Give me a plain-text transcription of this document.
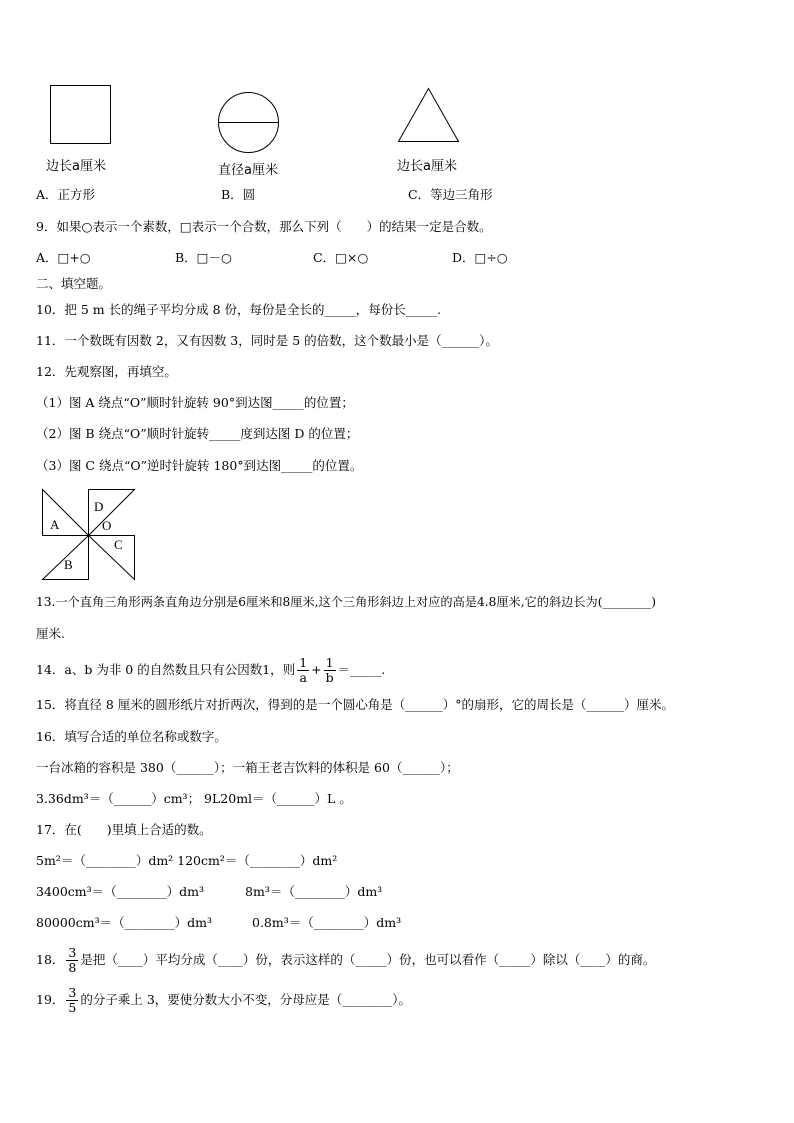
边长a厘米	直径a厘米	边长a厘米
A．正方形	B．圆	C．等边三角形
9．如果○表示一个素数，□表示一个合数，那么下列（　　）的结果一定是合数。
A．□+○	B．□－○	C．□×○	D．□÷○
二、填空题。
10．把 5 m 长的绳子平均分成 8 份，每份是全长的_____，每份长_____.
11．一个数既有因数 2，又有因数 3，同时是 5 的倍数，这个数最小是（______）。
12．先观察图，再填空。
（1）图 A 绕点“O”顺时针旋转 90°到达图_____的位置；
（2）图 B 绕点“O”顺时针旋转_____度到达图 D 的位置；
（3）图 C 绕点“O”逆时针旋转 180°到达图_____的位置。
A
D
O
C
B
13.一个直角三角形两条直角边分别是6厘米和8厘米,这个三角形斜边上对应的高是4.8厘米,它的斜边长为(________)
厘米.
14．a、b 为非 0 的自然数且只有公因数1，则 $\frac{1}{a} + \frac{1}{b}$ ＝_____.
15．将直径 8 厘米的圆形纸片对折两次，得到的是一个圆心角是（______）°的扇形，它的周长是（______）厘米。
16．填写合适的单位名称或数字。
一台冰箱的容积是 380（______）；一箱王老吉饮料的体积是 60（______）；
3.36dm³＝（______）cm³； 9L20ml＝（______）L 。
17．在(　　)里填上合适的数。
5m²＝（________）dm² 120cm²＝（________）dm²
3400cm³＝（________）dm³	8m³＝（________）dm³
80000cm³＝（________）dm³	0.8m³＝（________）dm³
18． $\frac{3}{8}$ 是把（____）平均分成（____）份，表示这样的（_____）份，也可以看作（_____）除以（____）的商。
19． $\frac{3}{5}$ 的分子乘上 3，要使分数大小不变，分母应是（________）。
